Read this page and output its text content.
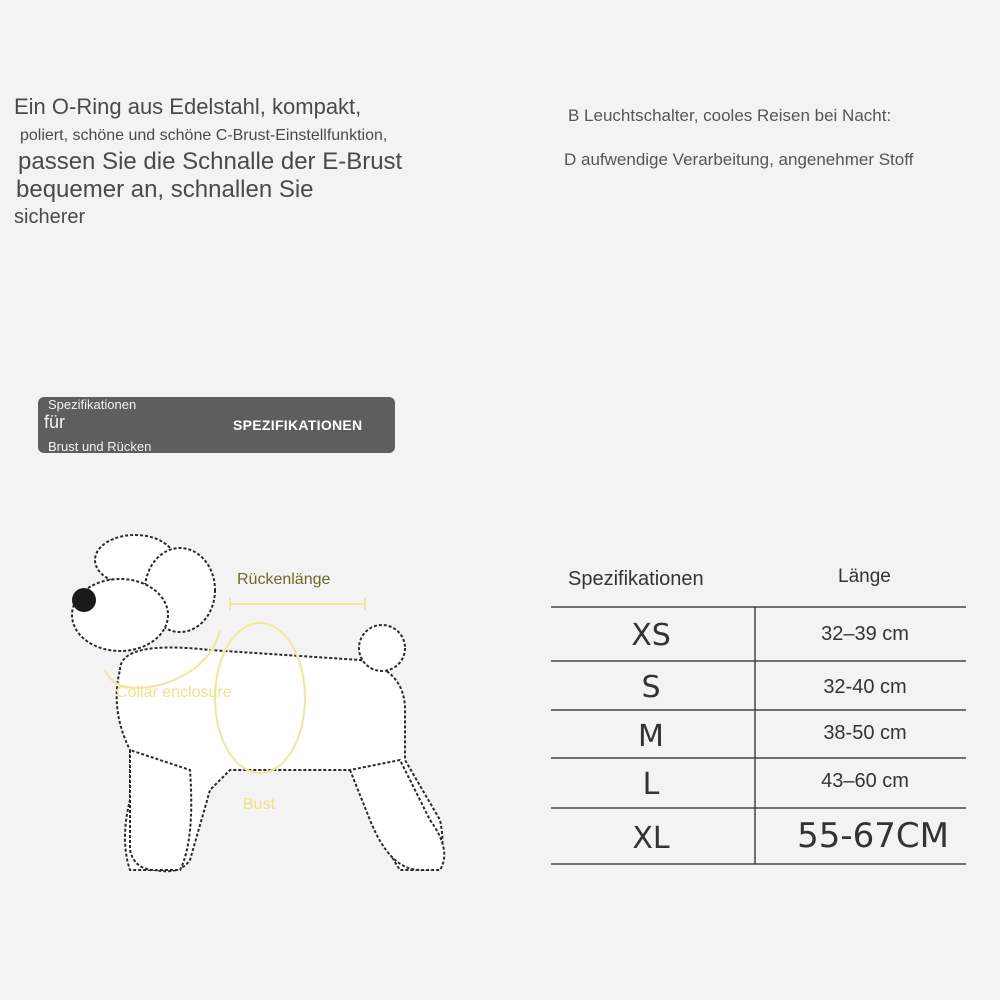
Ein O-Ring aus Edelstahl, kompakt,
poliert, schöne und schöne C-Brust-Einstellfunktion,
passen Sie die Schnalle der E-Brust
bequemer an, schnallen Sie
sicherer
B Leuchtschalter, cooles Reisen bei Nacht:
D aufwendige Verarbeitung, angenehmer Stoff
Spezifikationen
für
Brust und Rücken
SPEZIFIKATIONEN
Rückenlänge
Collar enclosure
Bust
Spezifikationen	Länge
XS	32–39 cm
S	32-40 cm
M	38-50 cm
L	43–60 cm
XL	55-67CM
